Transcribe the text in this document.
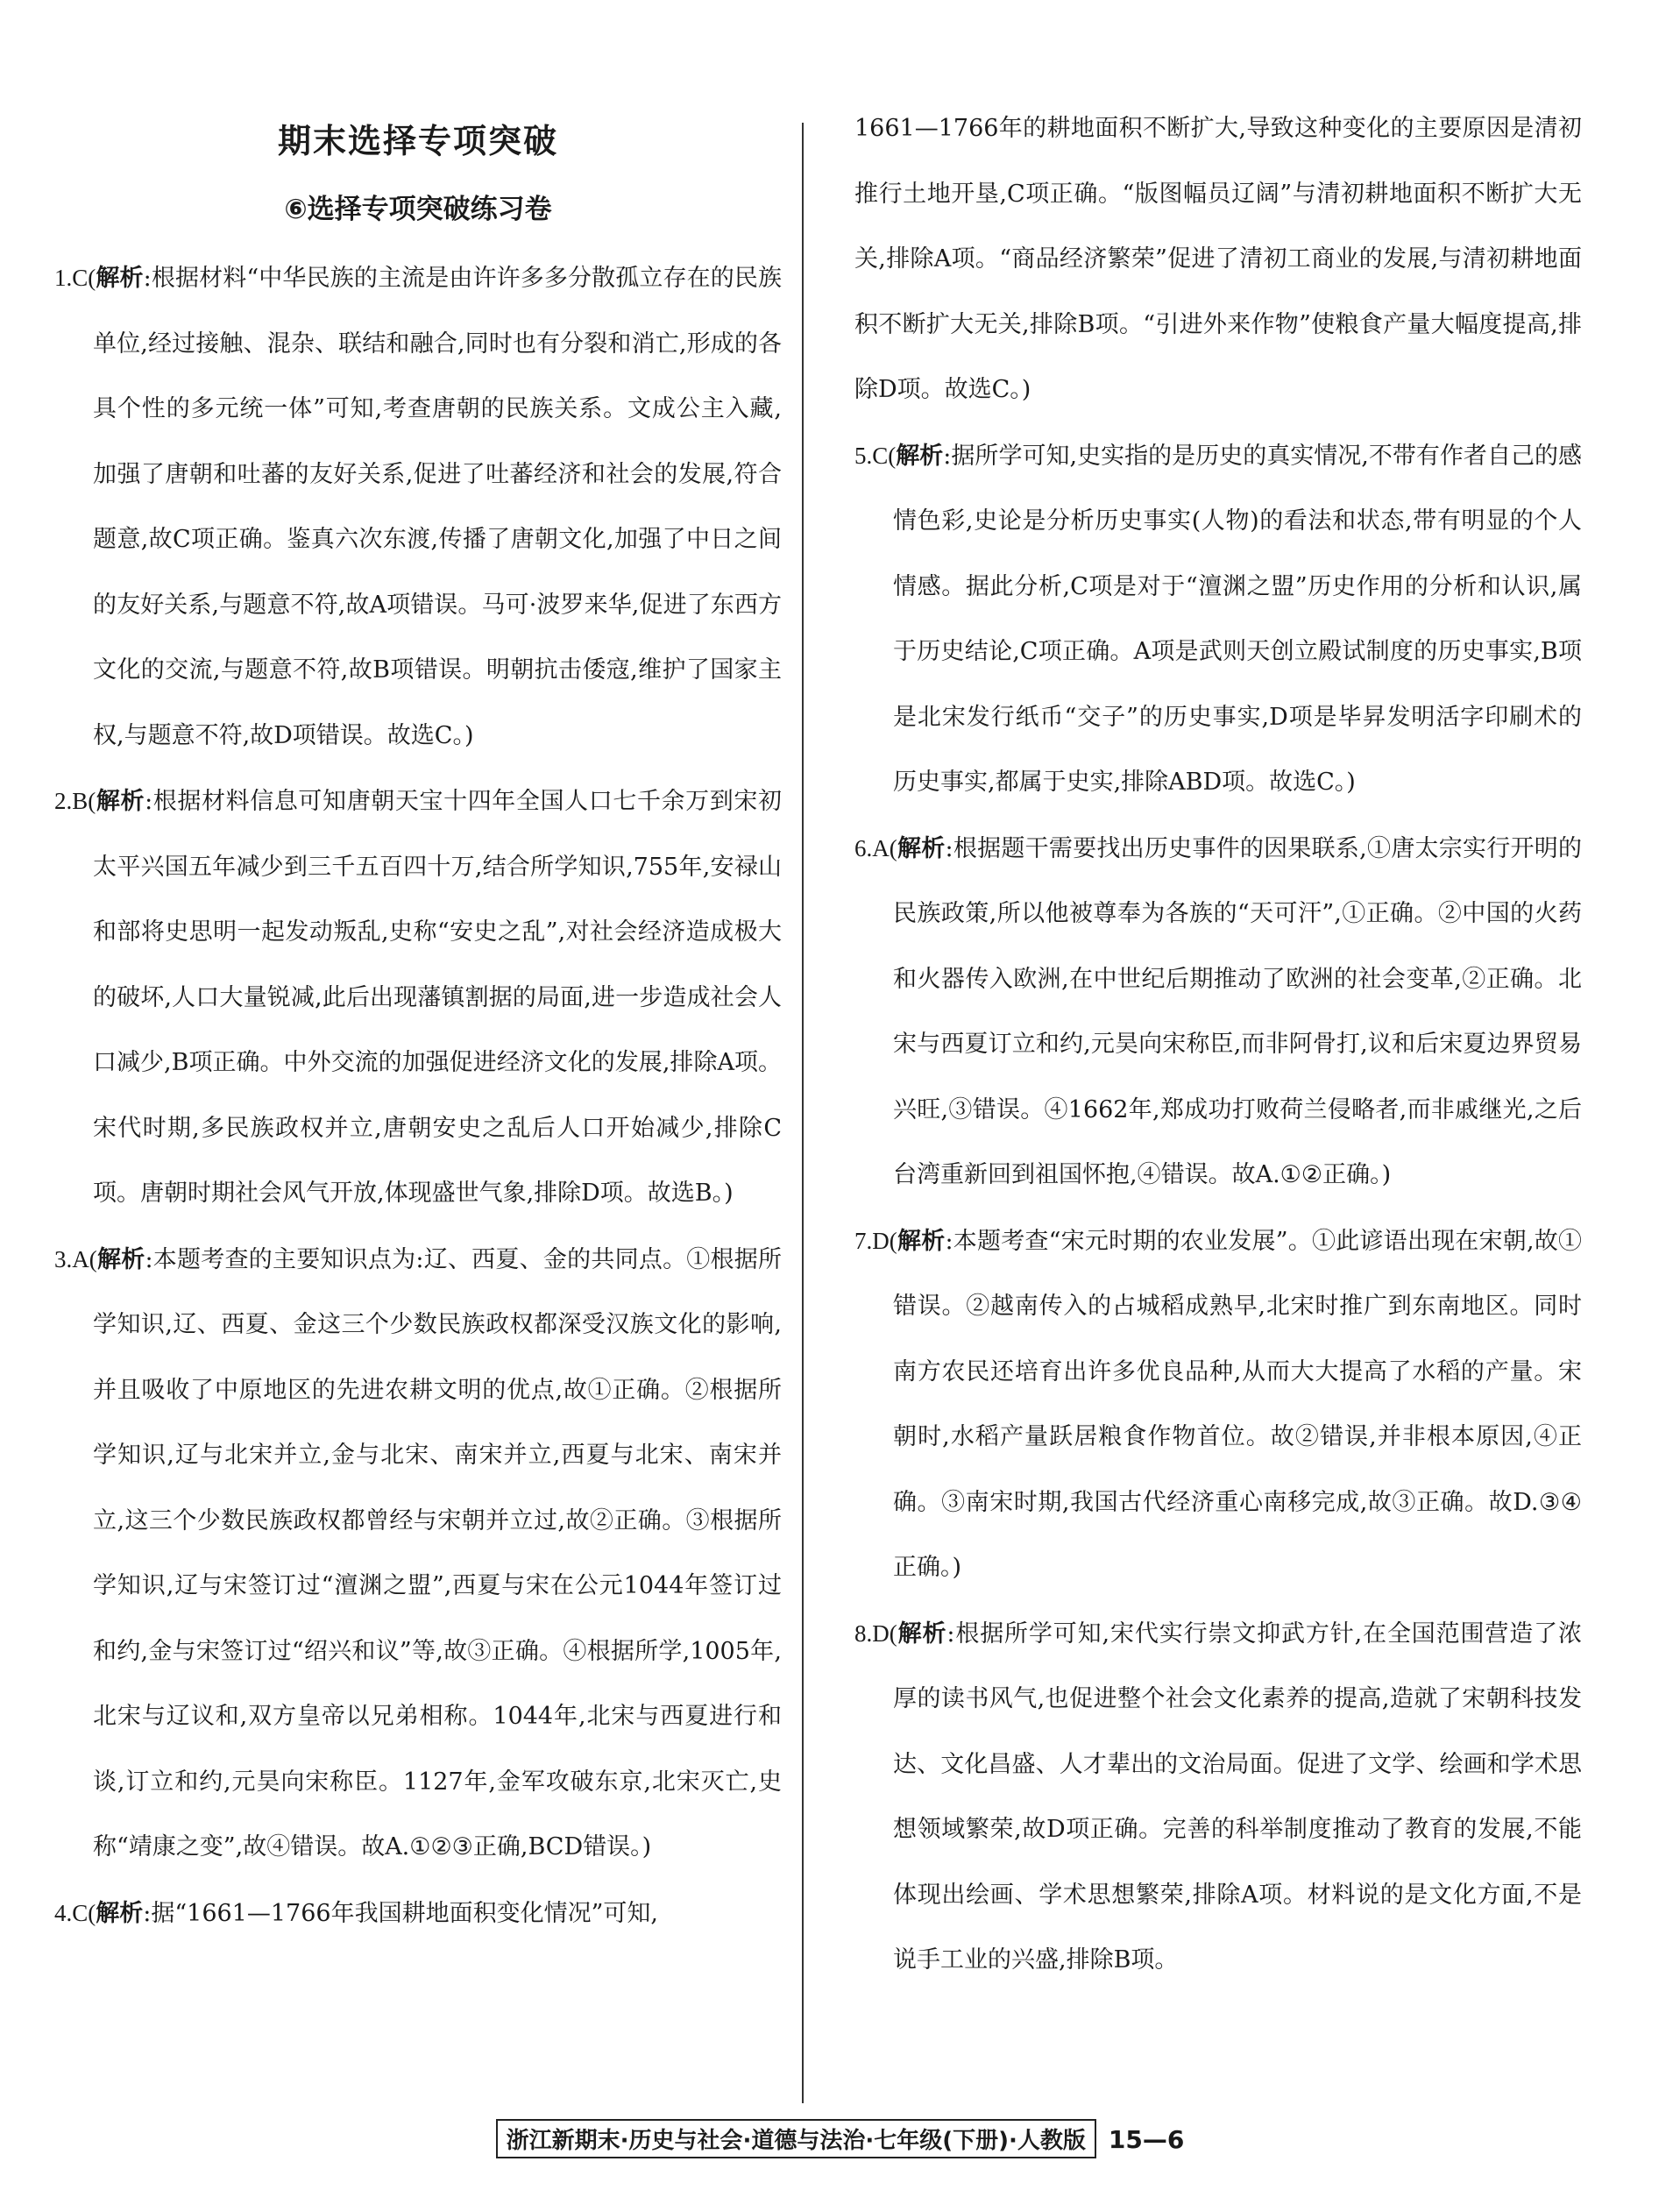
期末选择专项突破
⑥选择专项突破练习卷

1.C(解析:根据材料“中华民族的主流是由许许多多分散孤立存在的民族单位,经过接触、混杂、联结和融合,同时也有分裂和消亡,形成的各具个性的多元统一体”可知,考查唐朝的民族关系。文成公主入藏,加强了唐朝和吐蕃的友好关系,促进了吐蕃经济和社会的发展,符合题意,故C项正确。鉴真六次东渡,传播了唐朝文化,加强了中日之间的友好关系,与题意不符,故A项错误。马可·波罗来华,促进了东西方文化的交流,与题意不符,故B项错误。明朝抗击倭寇,维护了国家主权,与题意不符,故D项错误。故选C。)

2.B(解析:根据材料信息可知唐朝天宝十四年全国人口七千余万到宋初太平兴国五年减少到三千五百四十万,结合所学知识,755年,安禄山和部将史思明一起发动叛乱,史称“安史之乱”,对社会经济造成极大的破坏,人口大量锐减,此后出现藩镇割据的局面,进一步造成社会人口减少,B项正确。中外交流的加强促进经济文化的发展,排除A项。宋代时期,多民族政权并立,唐朝安史之乱后人口开始减少,排除C项。唐朝时期社会风气开放,体现盛世气象,排除D项。故选B。)

3.A(解析:本题考查的主要知识点为:辽、西夏、金的共同点。①根据所学知识,辽、西夏、金这三个少数民族政权都深受汉族文化的影响,并且吸收了中原地区的先进农耕文明的优点,故①正确。②根据所学知识,辽与北宋并立,金与北宋、南宋并立,西夏与北宋、南宋并立,这三个少数民族政权都曾经与宋朝并立过,故②正确。③根据所学知识,辽与宋签订过“澶渊之盟”,西夏与宋在公元1044年签订过和约,金与宋签订过“绍兴和议”等,故③正确。④根据所学,1005年,北宋与辽议和,双方皇帝以兄弟相称。1044年,北宋与西夏进行和谈,订立和约,元昊向宋称臣。1127年,金军攻破东京,北宋灭亡,史称“靖康之变”,故④错误。故A.①②③正确,BCD错误。)

4.C(解析:据“1661—1766年我国耕地面积变化情况”可知,

1661—1766年的耕地面积不断扩大,导致这种变化的主要原因是清初推行土地开垦,C项正确。“版图幅员辽阔”与清初耕地面积不断扩大无关,排除A项。“商品经济繁荣”促进了清初工商业的发展,与清初耕地面积不断扩大无关,排除B项。“引进外来作物”使粮食产量大幅度提高,排除D项。故选C。)

5.C(解析:据所学可知,史实指的是历史的真实情况,不带有作者自己的感情色彩,史论是分析历史事实(人物)的看法和状态,带有明显的个人情感。据此分析,C项是对于“澶渊之盟”历史作用的分析和认识,属于历史结论,C项正确。A项是武则天创立殿试制度的历史事实,B项是北宋发行纸币“交子”的历史事实,D项是毕昇发明活字印刷术的历史事实,都属于史实,排除ABD项。故选C。)

6.A(解析:根据题干需要找出历史事件的因果联系,①唐太宗实行开明的民族政策,所以他被尊奉为各族的“天可汗”,①正确。②中国的火药和火器传入欧洲,在中世纪后期推动了欧洲的社会变革,②正确。北宋与西夏订立和约,元昊向宋称臣,而非阿骨打,议和后宋夏边界贸易兴旺,③错误。④1662年,郑成功打败荷兰侵略者,而非戚继光,之后台湾重新回到祖国怀抱,④错误。故A.①②正确。)

7.D(解析:本题考查“宋元时期的农业发展”。①此谚语出现在宋朝,故①错误。②越南传入的占城稻成熟早,北宋时推广到东南地区。同时南方农民还培育出许多优良品种,从而大大提高了水稻的产量。宋朝时,水稻产量跃居粮食作物首位。故②错误,并非根本原因,④正确。③南宋时期,我国古代经济重心南移完成,故③正确。故D.③④正确。)

8.D(解析:根据所学可知,宋代实行崇文抑武方针,在全国范围营造了浓厚的读书风气,也促进整个社会文化素养的提高,造就了宋朝科技发达、文化昌盛、人才辈出的文治局面。促进了文学、绘画和学术思想领域繁荣,故D项正确。完善的科举制度推动了教育的发展,不能体现出绘画、学术思想繁荣,排除A项。材料说的是文化方面,不是说手工业的兴盛,排除B项。

浙江新期末·历史与社会·道德与法治·七年级(下册)·人教版 15—6
